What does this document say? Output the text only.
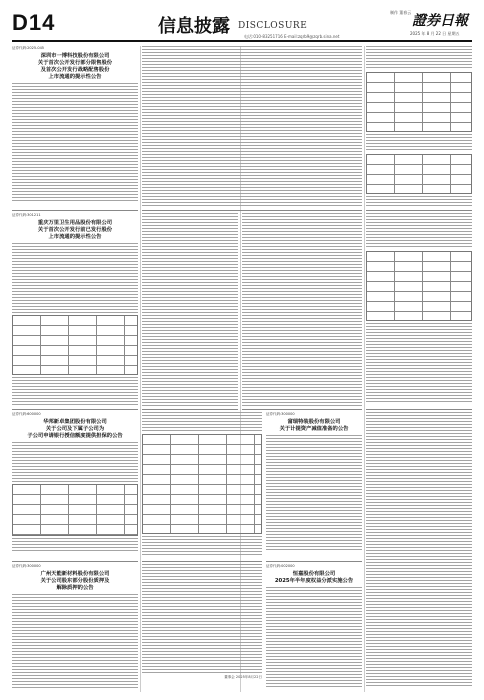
D14	信息披露 DISCLOSURE
电话:010-83251716 E-mail:zqrb9@zqrb.sina.net
制作 董春云
證券日報
2025 年 8 月 22 日 星期五
证券代码:2025-045
深圳市一博科技股份有限公司
关于首次公开发行部分限售股份
及首次公开发行战略配售股份
上市流通的提示性公告
证券代码:301211
重庆万里卫生用品股份有限公司
关于首次公开发行前已发行股份
上市流通的提示性公告
证券代码:600000
华邦新卓集团股份有限公司
关于公司及下属子公司为
子公司申请银行授信额度提供担保的公告
证券代码:300000
富瑞特装股份有限公司
关于计提资产减值准备的公告
证券代码:300000
广州天能新材料股份有限公司
关于公司股东部分股份质押及
解除质押的公告
董事会 2025年8月22日
证券代码:002000
恒嘉股份有限公司
2025年半年度权益分派实施公告
